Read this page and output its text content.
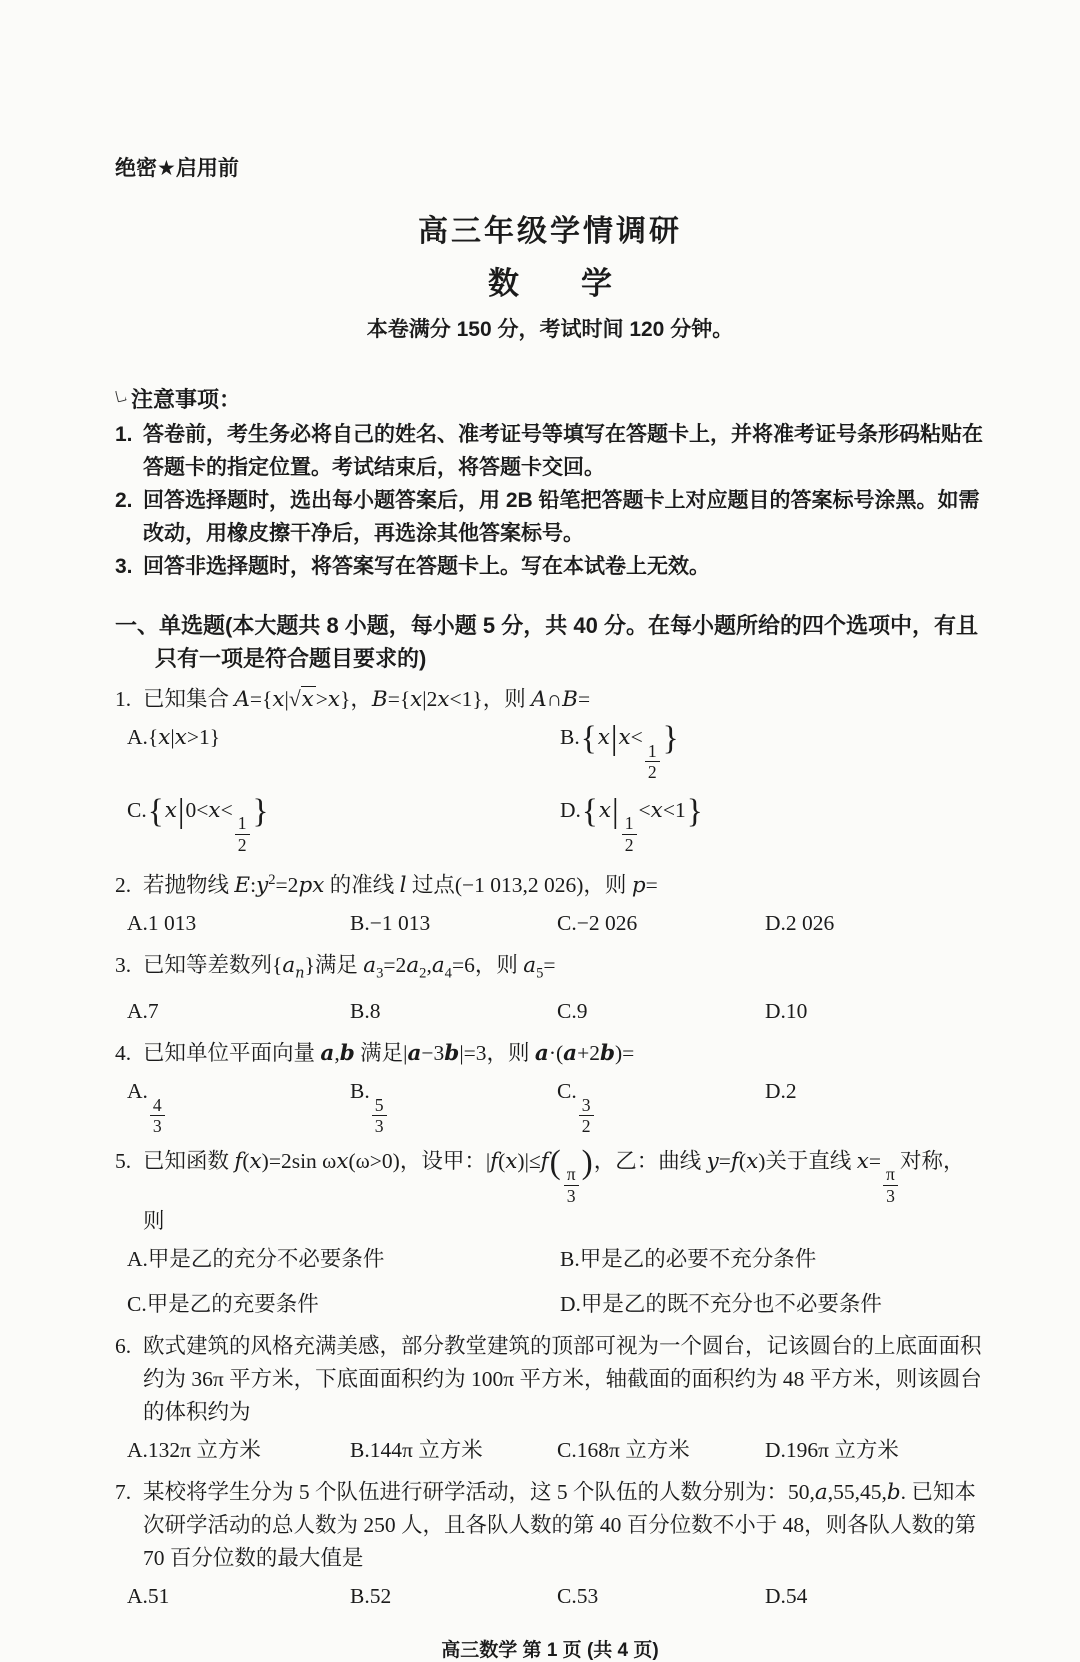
绝密★启用前
高三年级学情调研
数　　学
本卷满分 150 分，考试时间 120 分钟。
乚注意事项：
1. 答卷前，考生务必将自己的姓名、准考证号等填写在答题卡上，并将准考证号条形码粘贴在答题卡的指定位置。考试结束后，将答题卡交回。
2. 回答选择题时，选出每小题答案后，用 2B 铅笔把答题卡上对应题目的答案标号涂黑。如需改动，用橡皮擦干净后，再选涂其他答案标号。
3. 回答非选择题时，将答案写在答题卡上。写在本试卷上无效。
一、单选题(本大题共 8 小题，每小题 5 分，共 40 分。在每小题所给的四个选项中，有且只有一项是符合题目要求的)
1. 已知集合 A={x|√x>x}，B={x|2x<1}，则 A∩B=
A.{x|x>1}	B.{x|x<
$\frac{1}{2}$
}
C.{x|0<x<
$\frac{1}{2}$
}	D.{x|
$\frac{1}{2}$
<x<1}
2. 若抛物线 $E:y^2=2px$ 的准线 l 过点(−1 013,2 026)，则 p=
A.1 013	B.−1 013	C.−2 026	D.2 026
3. 已知等差数列$\{a_n\}$满足 $a_3=2a_2,a_4=6$，则 $a_5=$
A.7	B.8	C.9	D.10
4. 已知单位平面向量 a,b 满足|a−3b|=3，则 a·(a+2b)=
A.
$\frac{4}{3}$
B.
$\frac{5}{3}$
C.
$\frac{3}{2}$
D.2
5. 已知函数 f(x)=2sin ωx(ω>0)，设甲：|f(x)|≤f(
$\frac{\pi}{3}$
)，乙：曲线 y=f(x)关于直线 x=
$\frac{\pi}{3}$
对称，则
A.甲是乙的充分不必要条件	B.甲是乙的必要不充分条件
C.甲是乙的充要条件	D.甲是乙的既不充分也不必要条件
6. 欧式建筑的风格充满美感，部分教堂建筑的顶部可视为一个圆台，记该圆台的上底面面积约为 36π 平方米，下底面面积约为 100π 平方米，轴截面的面积约为 48 平方米，则该圆台的体积约为
A.132π 立方米	B.144π 立方米	C.168π 立方米	D.196π 立方米
7. 某校将学生分为 5 个队伍进行研学活动，这 5 个队伍的人数分别为：50,a,55,45,b. 已知本次研学活动的总人数为 250 人，且各队人数的第 40 百分位数不小于 48，则各队人数的第 70 百分位数的最大值是
A.51	B.52	C.53	D.54
高三数学 第 1 页 (共 4 页)
